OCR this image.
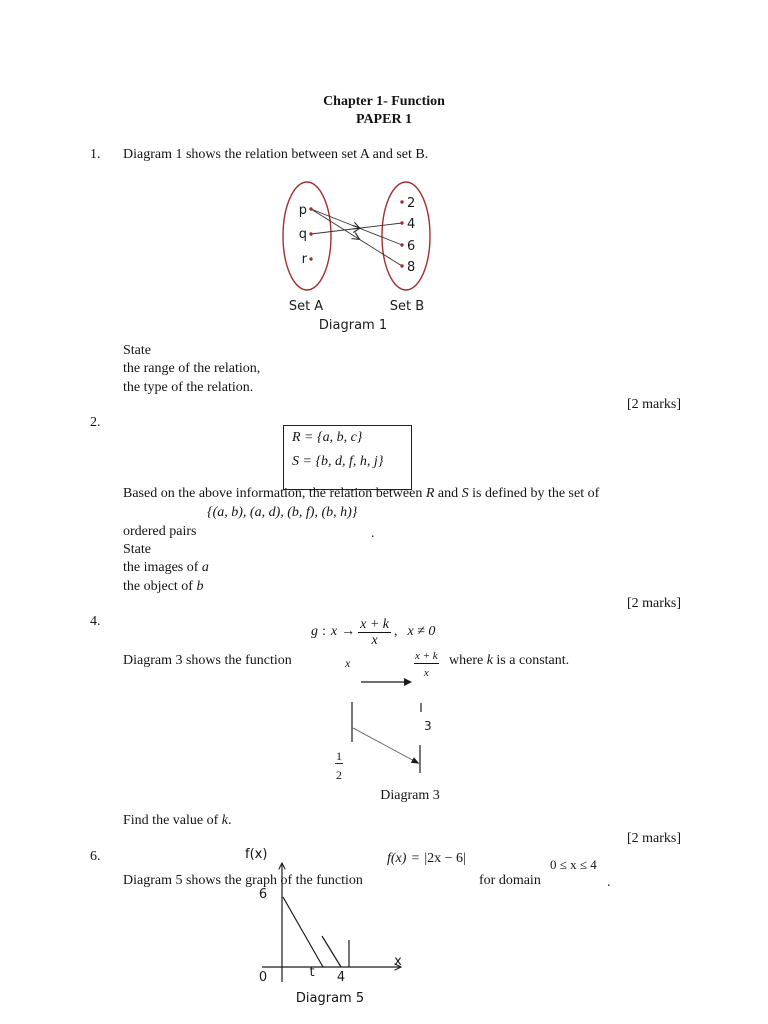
Chapter 1- Function
PAPER 1
1. Diagram 1 shows the relation between set A and set B.
p
q
r
2
4
6
8
Set A	Set B
Diagram 1
State
the range of the relation,
the type of the relation.
[2 marks]
2.
R = {a, b, c}
S = {b, d, f, h, j}
Based on the above information, the relation between R and S is defined by the set of
{(a, b), (a, d), (b, f), (b, h)}
ordered pairs	.
State
the images of a
the object of b
[2 marks]
4.
g : $x \to \frac{x + k}{x}$ , x ≠ 0
Diagram 3 shows the function	x	$\frac{x + k}{x}$ where k is a constant.
3
1
2
Diagram 3
Find the value of k.
[2 marks]
6.	f(x)	f(x) = |2x − 6|	0 ≤ x ≤ 4
Diagram 5 shows the graph of the function	for domain	.
6
0	t 4
x
Diagram 5
